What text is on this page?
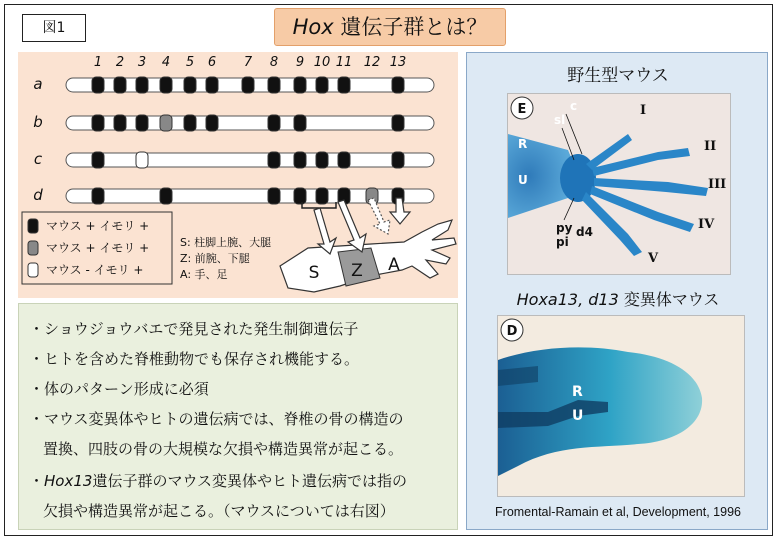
図1	Hox 遺伝子群とは？
1 2 3 4 5 6 7 8 9 10 11 12 13
a
b
c
d
マウス + イモリ +
マウス + イモリ +
マウス - イモリ +	S Z A
S: 柱脚上腕、大腿
Z: 前腕、下腿
A: 手、足
・ショウジョウバエで発見された発生制御遺伝子
・ヒトを含めた脊椎動物でも保存され機能する。
・体のパターン形成に必須
・マウス変異体やヒトの遺伝病では、脊椎の骨の構造の
置換、四肢の骨の大規模な欠損や構造異常が起こる。
・Hox13遺伝子群のマウス変異体やヒト遺伝病では指の
欠損や構造異常が起こる。（マウスについては右図）
野生型マウス
E	c
sl
R
U
py
pi
d4
I
II
III
IV
V
Hoxa13, d13 変異体マウス
D
R
U
Fromental-Ramain et al, Development, 1996
